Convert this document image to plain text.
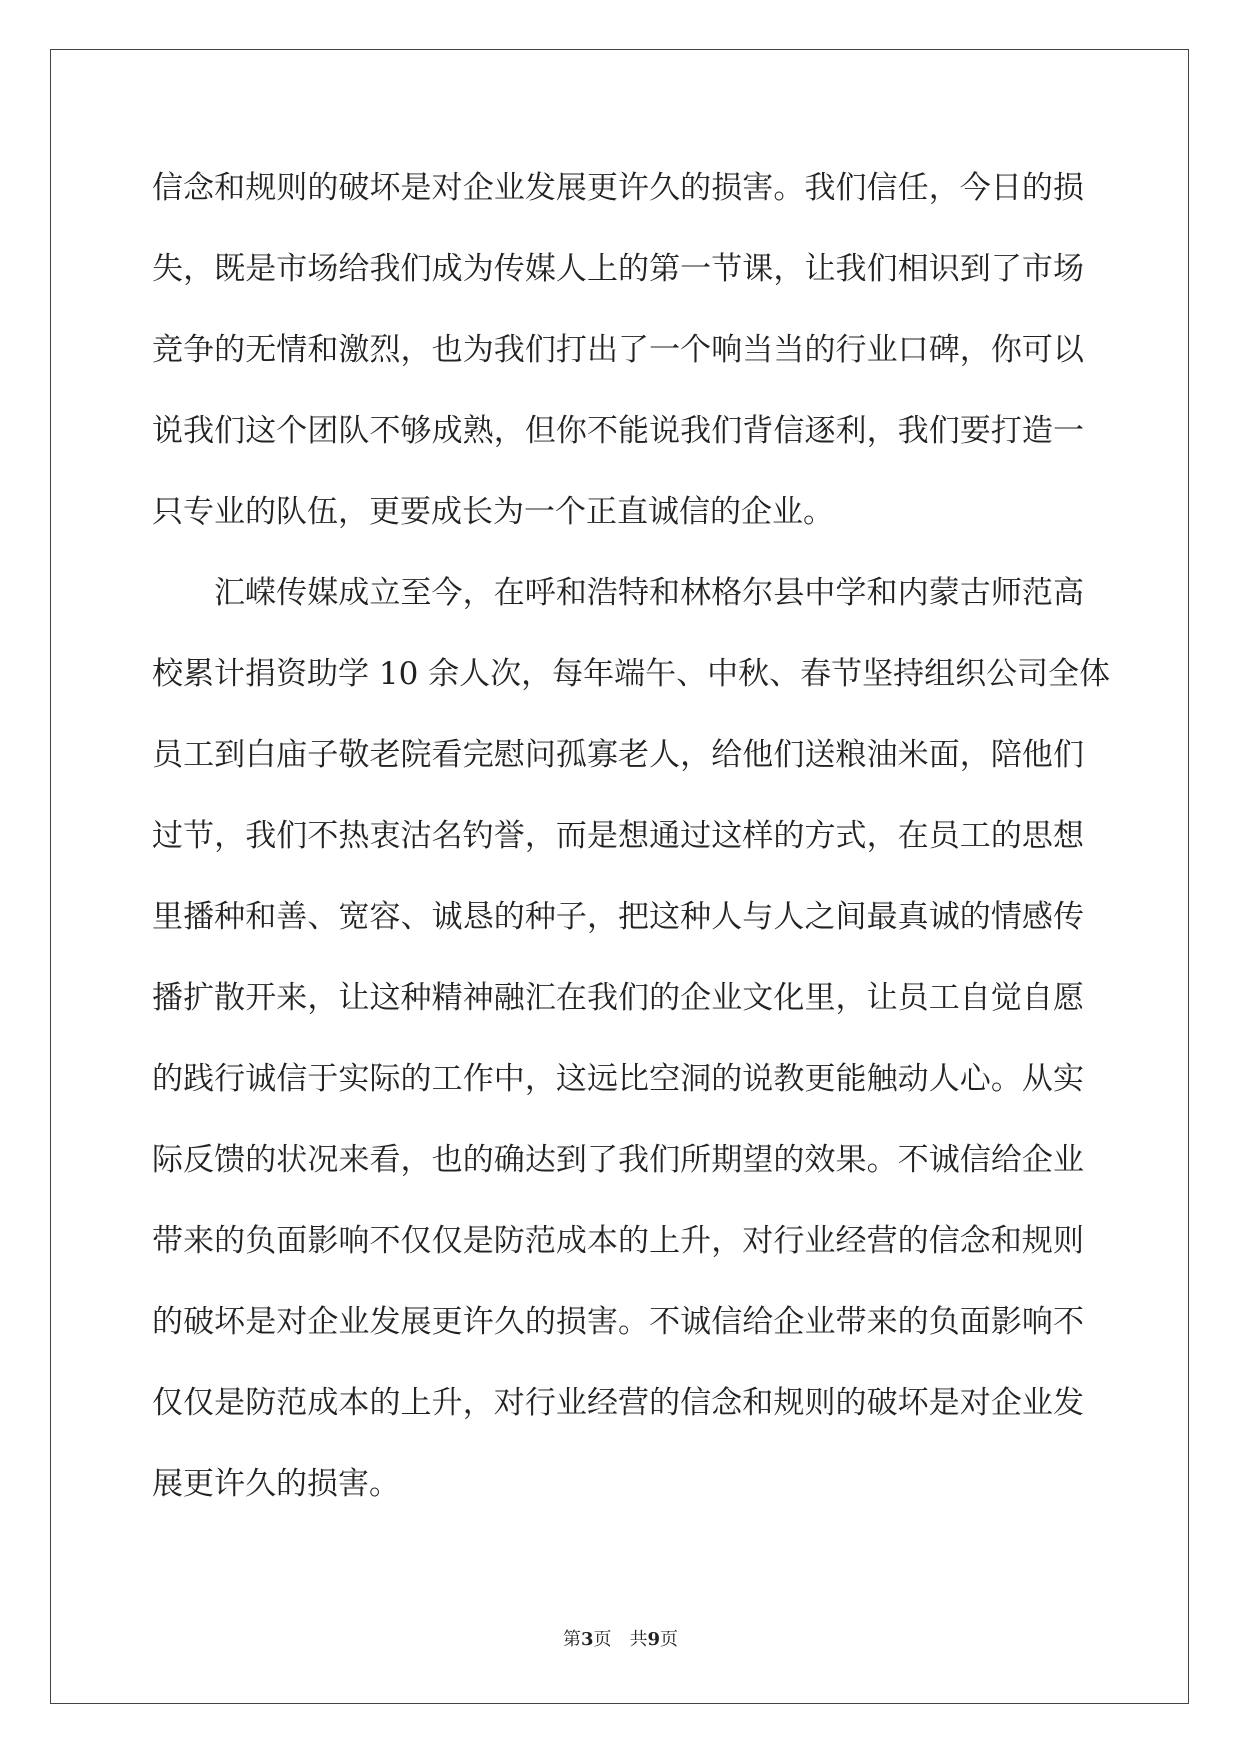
信念和规则的破坏是对企业发展更许久的损害。我们信任，今日的损
失，既是市场给我们成为传媒人上的第一节课，让我们相识到了市场
竞争的无情和激烈，也为我们打出了一个响当当的行业口碑，你可以
说我们这个团队不够成熟，但你不能说我们背信逐利，我们要打造一
只专业的队伍，更要成长为一个正直诚信的企业。
汇嵘传媒成立至今，在呼和浩特和林格尔县中学和内蒙古师范高
校累计捐资助学 10 余人次，每年端午、中秋、春节坚持组织公司全体
员工到白庙子敬老院看完慰问孤寡老人，给他们送粮油米面，陪他们
过节，我们不热衷沽名钓誉，而是想通过这样的方式，在员工的思想
里播种和善、宽容、诚恳的种子，把这种人与人之间最真诚的情感传
播扩散开来，让这种精神融汇在我们的企业文化里，让员工自觉自愿
的践行诚信于实际的工作中，这远比空洞的说教更能触动人心。从实
际反馈的状况来看，也的确达到了我们所期望的效果。不诚信给企业
带来的负面影响不仅仅是防范成本的上升，对行业经营的信念和规则
的破坏是对企业发展更许久的损害。不诚信给企业带来的负面影响不
仅仅是防范成本的上升，对行业经营的信念和规则的破坏是对企业发
展更许久的损害。
第3页 共9页
